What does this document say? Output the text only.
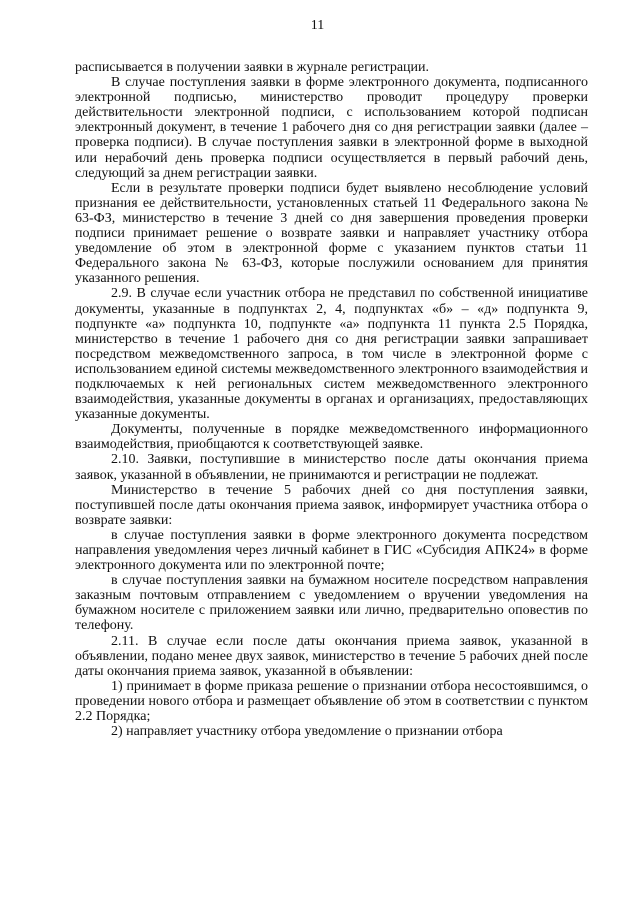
11

расписывается в получении заявки в журнале регистрации.

В случае поступления заявки в форме электронного документа, подписанного электронной подписью, министерство проводит процедуру проверки действительности электронной подписи, с использованием которой подписан электронный документ, в течение 1 рабочего дня со дня регистрации заявки (далее – проверка подписи). В случае поступления заявки в электронной форме в выходной или нерабочий день проверка подписи осуществляется в первый рабочий день, следующий за днем регистрации заявки.

Если в результате проверки подписи будет выявлено несоблюдение условий признания ее действительности, установленных статьей 11 Федерального закона № 63-ФЗ, министерство в течение 3 дней со дня завершения проведения проверки подписи принимает решение о возврате заявки и направляет участнику отбора уведомление об этом в электронной форме с указанием пунктов статьи 11 Федерального закона № 63-ФЗ, которые послужили основанием для принятия указанного решения.

2.9. В случае если участник отбора не представил по собственной инициативе документы, указанные в подпунктах 2, 4, подпунктах «б» – «д» подпункта 9, подпункте «а» подпункта 10, подпункте «а» подпункта 11 пункта 2.5 Порядка, министерство в течение 1 рабочего дня со дня регистрации заявки запрашивает посредством межведомственного запроса, в том числе в электронной форме с использованием единой системы межведомственного электронного взаимодействия и подключаемых к ней региональных систем межведомственного электронного взаимодействия, указанные документы в органах и организациях, предоставляющих указанные документы.

Документы, полученные в порядке межведомственного информационного взаимодействия, приобщаются к соответствующей заявке.

2.10. Заявки, поступившие в министерство после даты окончания приема заявок, указанной в объявлении, не принимаются и регистрации не подлежат.

Министерство в течение 5 рабочих дней со дня поступления заявки, поступившей после даты окончания приема заявок, информирует участника отбора о возврате заявки:

в случае поступления заявки в форме электронного документа посредством направления уведомления через личный кабинет в ГИС «Субсидия АПК24» в форме электронного документа или по электронной почте;

в случае поступления заявки на бумажном носителе посредством направления заказным почтовым отправлением с уведомлением о вручении уведомления на бумажном носителе с приложением заявки или лично, предварительно оповестив по телефону.

2.11. В случае если после даты окончания приема заявок, указанной в объявлении, подано менее двух заявок, министерство в течение 5 рабочих дней после даты окончания приема заявок, указанной в объявлении:

1) принимает в форме приказа решение о признании отбора несостоявшимся, о проведении нового отбора и размещает объявление об этом в соответствии с пунктом 2.2 Порядка;

2) направляет участнику отбора уведомление о признании отбора
